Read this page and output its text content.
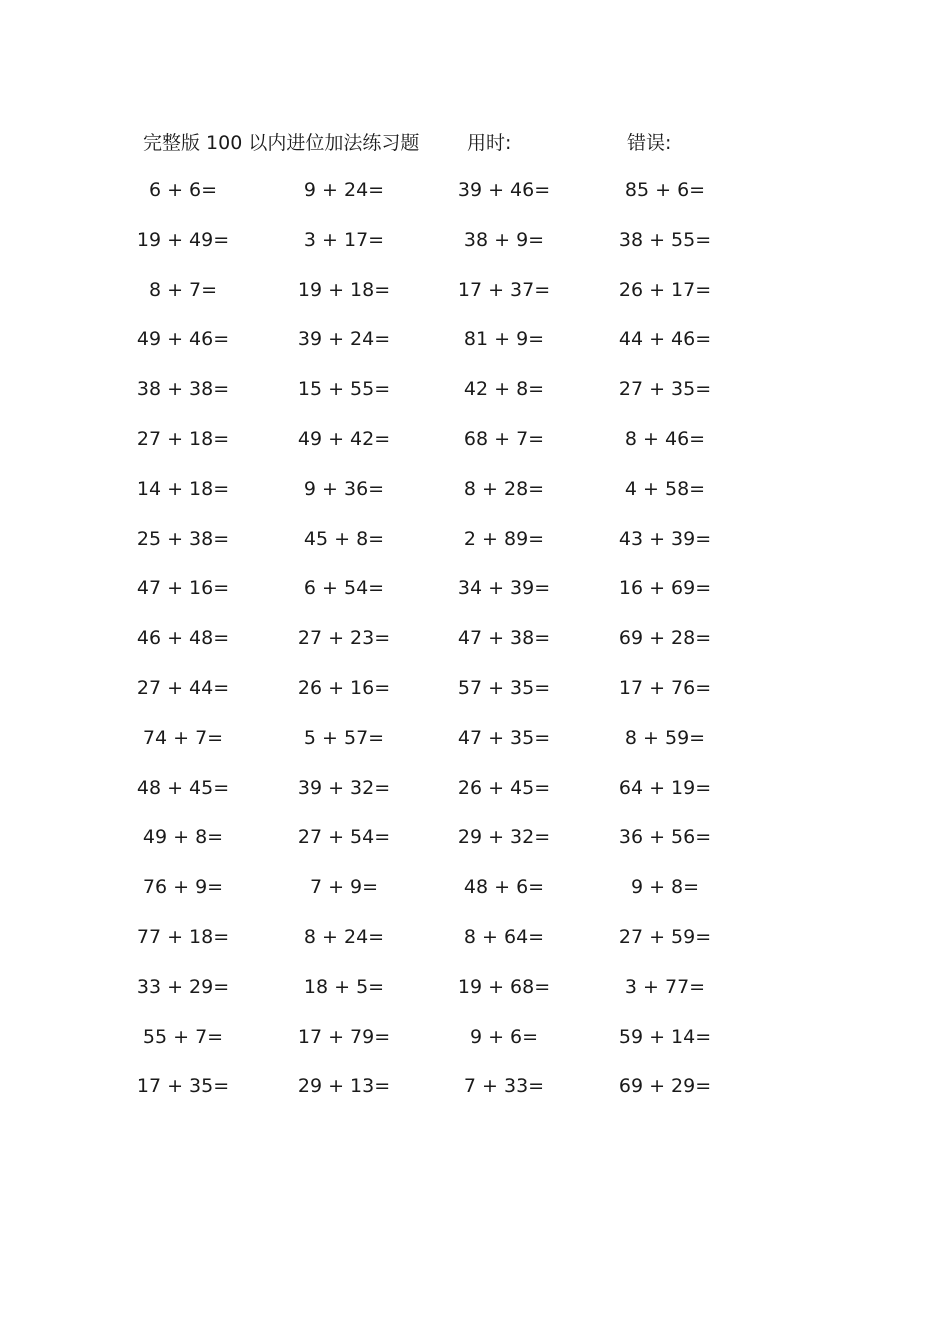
完整版 100 以内进位加法练习题	用时:	错误:
6 + 6=	9 + 24=	39 + 46=	85 + 6=
19 + 49=	3 + 17=	38 + 9=	38 + 55=
8 + 7=	19 + 18=	17 + 37=	26 + 17=
49 + 46=	39 + 24=	81 + 9=	44 + 46=
38 + 38=	15 + 55=	42 + 8=	27 + 35=
27 + 18=	49 + 42=	68 + 7=	8 + 46=
14 + 18=	9 + 36=	8 + 28=	4 + 58=
25 + 38=	45 + 8=	2 + 89=	43 + 39=
47 + 16=	6 + 54=	34 + 39=	16 + 69=
46 + 48=	27 + 23=	47 + 38=	69 + 28=
27 + 44=	26 + 16=	57 + 35=	17 + 76=
74 + 7=	5 + 57=	47 + 35=	8 + 59=
48 + 45=	39 + 32=	26 + 45=	64 + 19=
49 + 8=	27 + 54=	29 + 32=	36 + 56=
76 + 9=	7 + 9=	48 + 6=	9 + 8=
77 + 18=	8 + 24=	8 + 64=	27 + 59=
33 + 29=	18 + 5=	19 + 68=	3 + 77=
55 + 7=	17 + 79=	9 + 6=	59 + 14=
17 + 35=	29 + 13=	7 + 33=	69 + 29=
